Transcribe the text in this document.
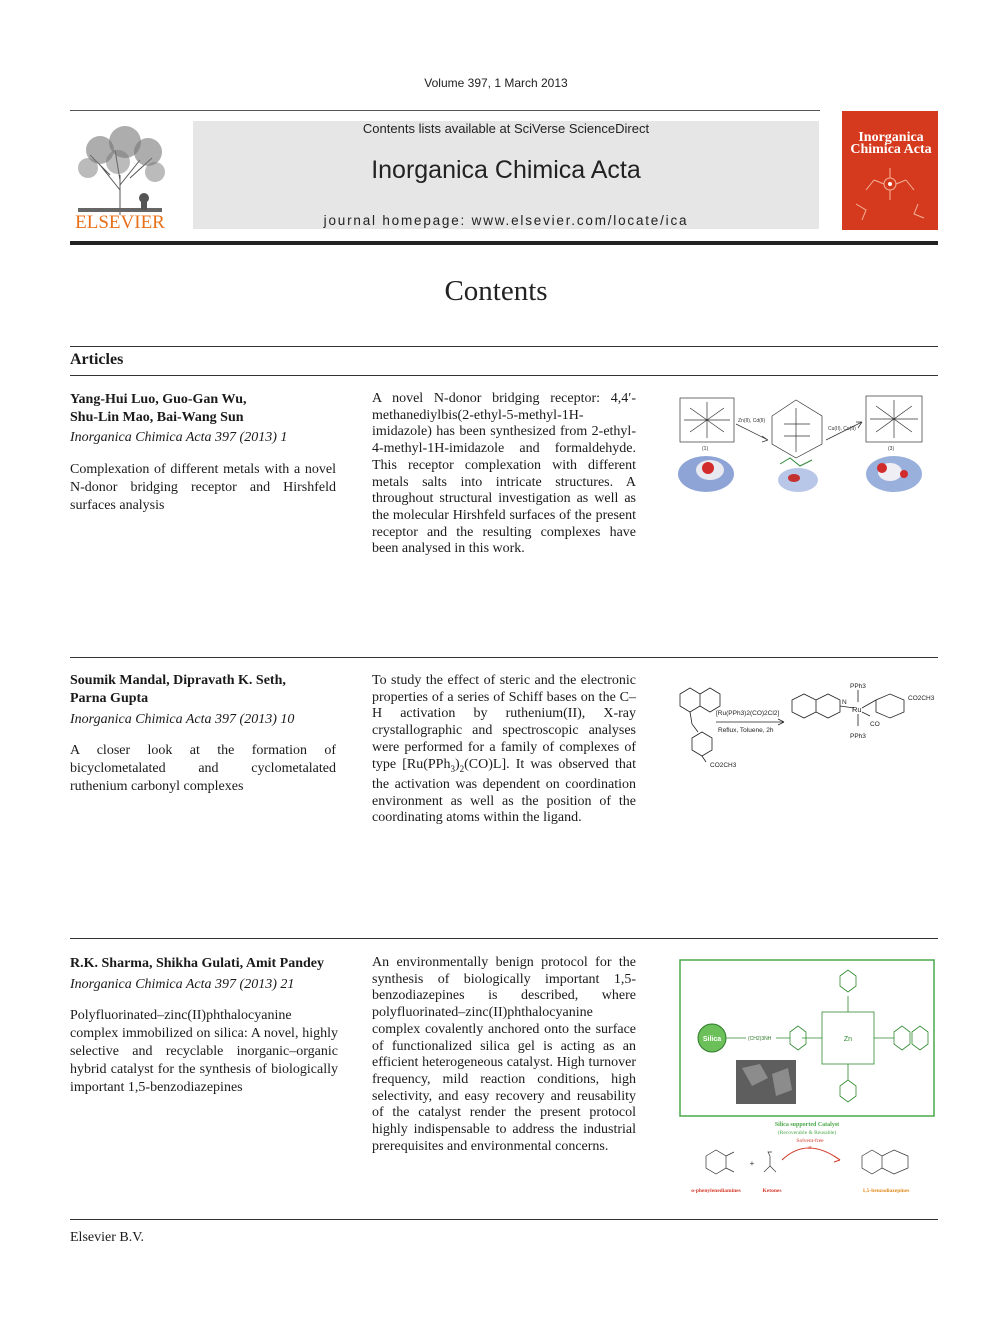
Volume 397, 1 March 2013
ELSEVIER
Contents lists available at SciVerse ScienceDirect
Inorganica Chimica Acta
journal homepage: www.elsevier.com/locate/ica
Inorganica Chimica Acta
Contents
Articles
Yang-Hui Luo, Guo-Gan Wu,
Shu-Lin Mao, Bai-Wang Sun
Inorganica Chimica Acta 397 (2013) 1
Complexation of different metals with a novel N-donor bridging receptor and Hirshfeld surfaces analysis
A novel N-donor bridging receptor: 4,4′-methanediylbis(2-ethyl-5-methyl-1H-imidazole) has been synthesized from 2-ethyl-4-methyl-1H-imidazole and formaldehyde. This receptor complexation with different metals salts into intricate structures. A throughout structural investigation as well as the molecular Hirshfeld surfaces of the present receptor and the resulting complexes have been analysed in this work.
Zn(II), Cd(II)
Cu(II), Co(II)
(1)	(3)
Soumik Mandal, Dipravath K. Seth,
Parna Gupta
Inorganica Chimica Acta 397 (2013) 10
A closer look at the formation of bicyclometalated and cyclometalated ruthenium carbonyl complexes
To study the effect of steric and the electronic properties of a series of Schiff bases on the C–H activation by ruthenium(II), X-ray crystallographic and spectroscopic analyses were performed for a family of complexes of type $[Ru(PPh_3)_2(CO)L]$. It was observed that the activation was dependent on coordination environment as well as the position of the coordinating atoms within the ligand.
[Ru(PPh3)2(CO)2Cl2]
Reflux, Toluene, 2h
CO2CH3
PPh3
Ru
N
CO
PPh3
CO2CH3
R.K. Sharma, Shikha Gulati, Amit Pandey
Inorganica Chimica Acta 397 (2013) 21
Polyfluorinated–zinc(II)phthalocyanine complex immobilized on silica: A novel, highly selective and recyclable inorganic–organic hybrid catalyst for the synthesis of biologically important 1,5-benzodiazepines
An environmentally benign protocol for the synthesis of biologically important 1,5-benzodiazepines is described, where polyfluorinated–zinc(II)phthalocyanine complex covalently anchored onto the surface of functionalized silica gel is acting as an efficient heterogeneous catalyst. High turnover frequency, mild reaction conditions, high selectivity, and easy recovery and reusability of the catalyst render the present protocol highly indispensable to address the industrial prerequisites and environmental concerns.
Silica	(CH2)3NH	Zn
Silica supported Catalyst
(Recoverable & Reusable)
Solvent-free
rt
+
o-phenylenediamines	Ketones	1,5-benzodiazepines
Elsevier B.V.
